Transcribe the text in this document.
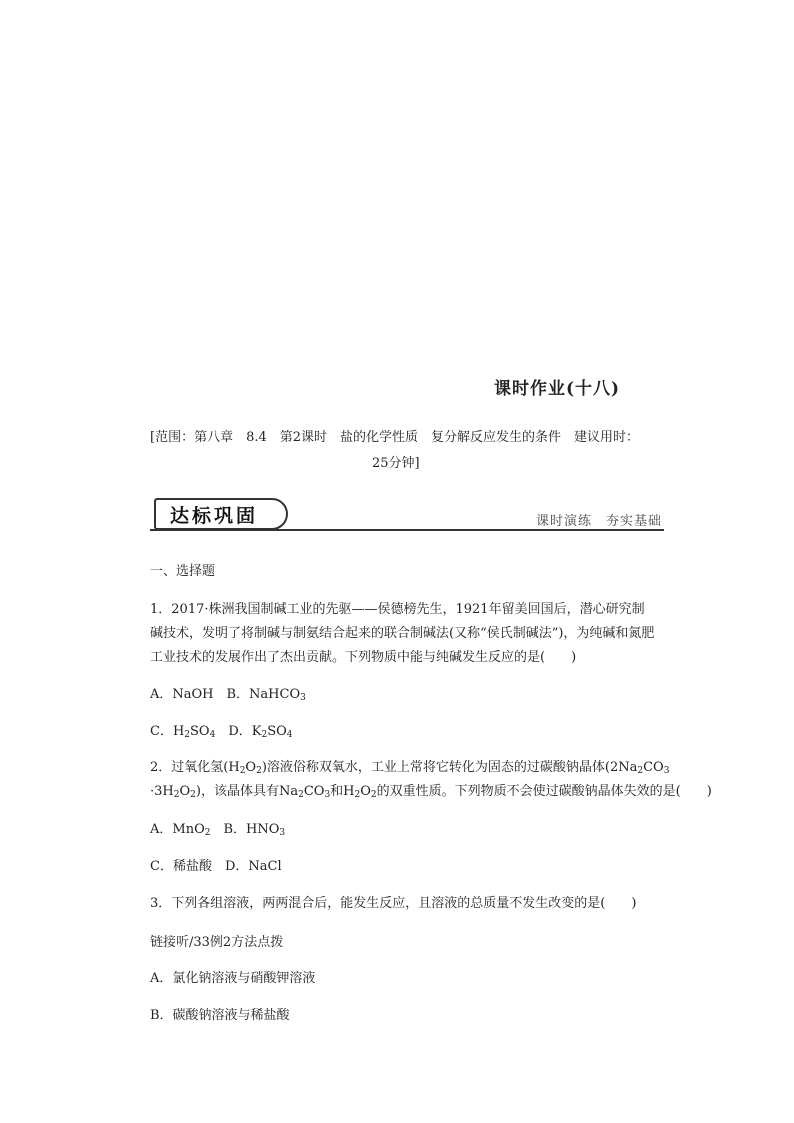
课时作业(十八)
[范围：第八章　8.4　第2课时　盐的化学性质　复分解反应发生的条件　建议用时：
25分钟]
达标巩固	课时演练　夯实基础
一、选择题
1．2017·株洲我国制碱工业的先驱——侯德榜先生，1921年留美回国后，潜心研究制
碱技术，发明了将制碱与制氨结合起来的联合制碱法(又称“侯氏制碱法”)，为纯碱和氮肥
工业技术的发展作出了杰出贡献。下列物质中能与纯碱发生反应的是(　　)
A．NaOH　B．NaHCO$_3$
C．$H_2SO_4$　D．$K_2SO_4$
2．过氧化氢$(H_2O_2)$溶液俗称双氧水，工业上常将它转化为固态的过碳酸钠晶体($2Na_2CO_3$
$\cdot 3H_2O_2$)，该晶体具有$Na_2CO_3$和$H_2O_2$的双重性质。下列物质不会使过碳酸钠晶体失效的是(　　)
A．MnO$_2$　B．$HNO_3$
C．稀盐酸　D．NaCl
3．下列各组溶液，两两混合后，能发生反应，且溶液的总质量不发生改变的是(　　)
链接听/33例2方法点拨
A．氯化钠溶液与硝酸钾溶液
B．碳酸钠溶液与稀盐酸
